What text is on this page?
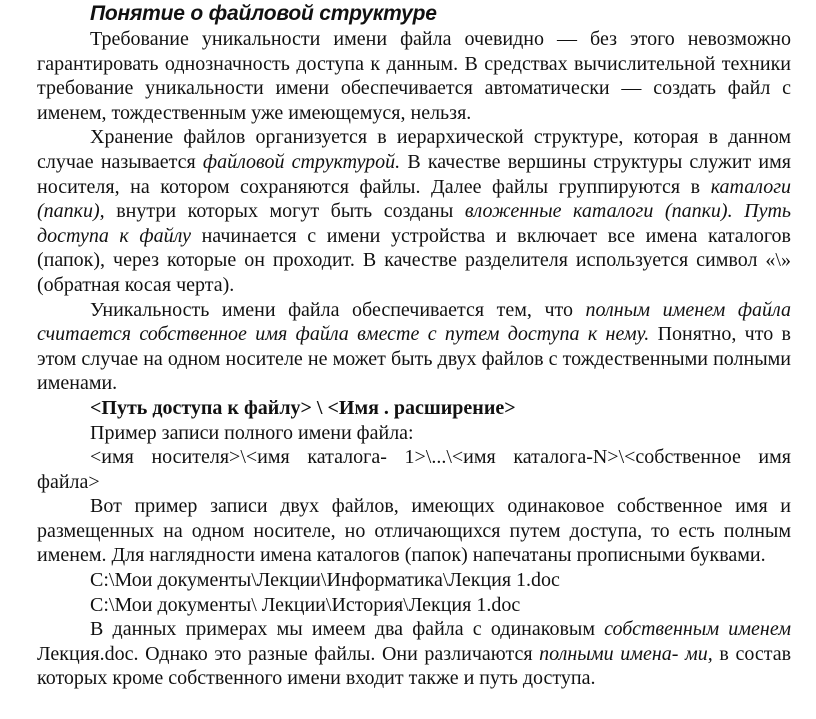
Понятие о файловой структуре

Требование уникальности имени файла очевидно — без этого невозможно гарантировать однозначность доступа к данным. В средствах вычислительной техники требование уникальности имени обеспечивается автоматически — создать файл с именем, тождественным уже имеющемуся, нельзя.

Хранение файлов организуется в иерархической структуре, которая в данном случае называется файловой структурой. В качестве вершины структуры служит имя носителя, на котором сохраняются файлы. Далее файлы группируются в каталоги (папки), внутри которых могут быть созданы вложенные каталоги (папки). Путь доступа к файлу начинается с имени устройства и включает все имена каталогов (папок), через которые он проходит. В качестве разделителя используется символ «\» (обратная косая черта).

Уникальность имени файла обеспечивается тем, что полным именем файла считается собственное имя файла вместе с путем доступа к нему. Понятно, что в этом случае на одном носителе не может быть двух файлов с тождественными полными именами.

<Путь доступа к файлу> \ <Имя . расширение>

Пример записи полного имени файла:

<имя носителя>\<имя каталога- 1>\...\<имя каталога-N>\<собственное имя файла>

Вот пример записи двух файлов, имеющих одинаковое собственное имя и размещенных на одном носителе, но отличающихся путем доступа, то есть полным именем. Для наглядности имена каталогов (папок) напечатаны прописными буквами.

C:\Мои документы\Лекции\Информатика\Лекция 1.doc

C:\Мои документы\ Лекции\История\Лекция 1.doc

В данных примерах мы имеем два файла с одинаковым собственным именем Лекция.doc. Однако это разные файлы. Они различаются полными имена- ми, в состав которых кроме собственного имени входит также и путь доступа.
